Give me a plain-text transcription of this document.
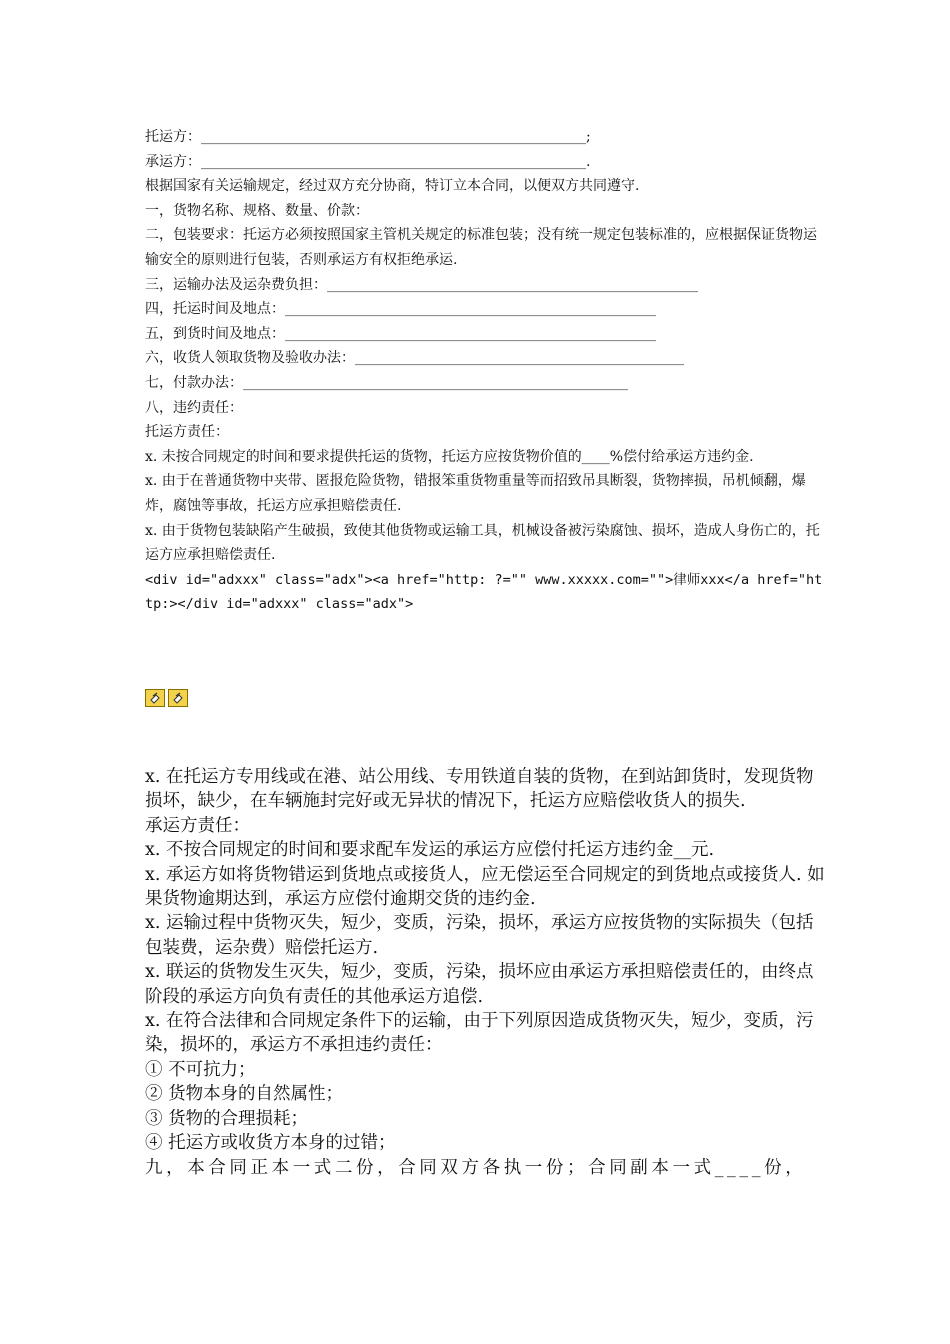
托运方：_______________________________________________________;

承运方：_______________________________________________________.

根据国家有关运输规定，经过双方充分协商，特订立本合同，以便双方共同遵守.

一，货物名称、规格、数量、价款：

二，包装要求：托运方必须按照国家主管机关规定的标准包装；没有统一规定包装标准的，应根据保证货物运输安全的原则进行包装，否则承运方有权拒绝承运.

三，运输办法及运杂费负担：_____________________________________________________

四，托运时间及地点：_____________________________________________________

五，到货时间及地点：_____________________________________________________

六，收货人领取货物及验收办法：_______________________________________________

七，付款办法：_______________________________________________________

八，违约责任：

托运方责任：

x. 未按合同规定的时间和要求提供托运的货物，托运方应按货物价值的____%偿付给承运方违约金.

x. 由于在普通货物中夹带、匿报危险货物，错报笨重货物重量等而招致吊具断裂，货物摔损，吊机倾翻，爆炸，腐蚀等事故，托运方应承担赔偿责任.

x. 由于货物包装缺陷产生破损，致使其他货物或运输工具，机械设备被污染腐蚀、损坏，造成人身伤亡的，托运方应承担赔偿责任.

<div id="adxxx" class="adx"><a href="http: ?="" www.xxxxx.com="">律师xxx</a href="http:></div id="adxxx" class="adx">

x. 在托运方专用线或在港、站公用线、专用铁道自装的货物，在到站卸货时，发现货物损坏，缺少，在车辆施封完好或无异状的情况下，托运方应赔偿收货人的损失.

承运方责任：

x. 不按合同规定的时间和要求配车发运的承运方应偿付托运方违约金__元.

x. 承运方如将货物错运到货地点或接货人，应无偿运至合同规定的到货地点或接货人. 如果货物逾期达到，承运方应偿付逾期交货的违约金.

x. 运输过程中货物灭失，短少，变质，污染，损坏，承运方应按货物的实际损失（包括包装费，运杂费）赔偿托运方.

x. 联运的货物发生灭失，短少，变质，污染，损坏应由承运方承担赔偿责任的，由终点阶段的承运方向负有责任的其他承运方追偿.

x. 在符合法律和合同规定条件下的运输，由于下列原因造成货物灭失，短少，变质，污染，损坏的，承运方不承担违约责任：

① 不可抗力；

② 货物本身的自然属性；

③ 货物的合理损耗；

④ 托运方或收货方本身的过错；

九，本合同正本一式二份，合同双方各执一份；合同副本一式____份，
